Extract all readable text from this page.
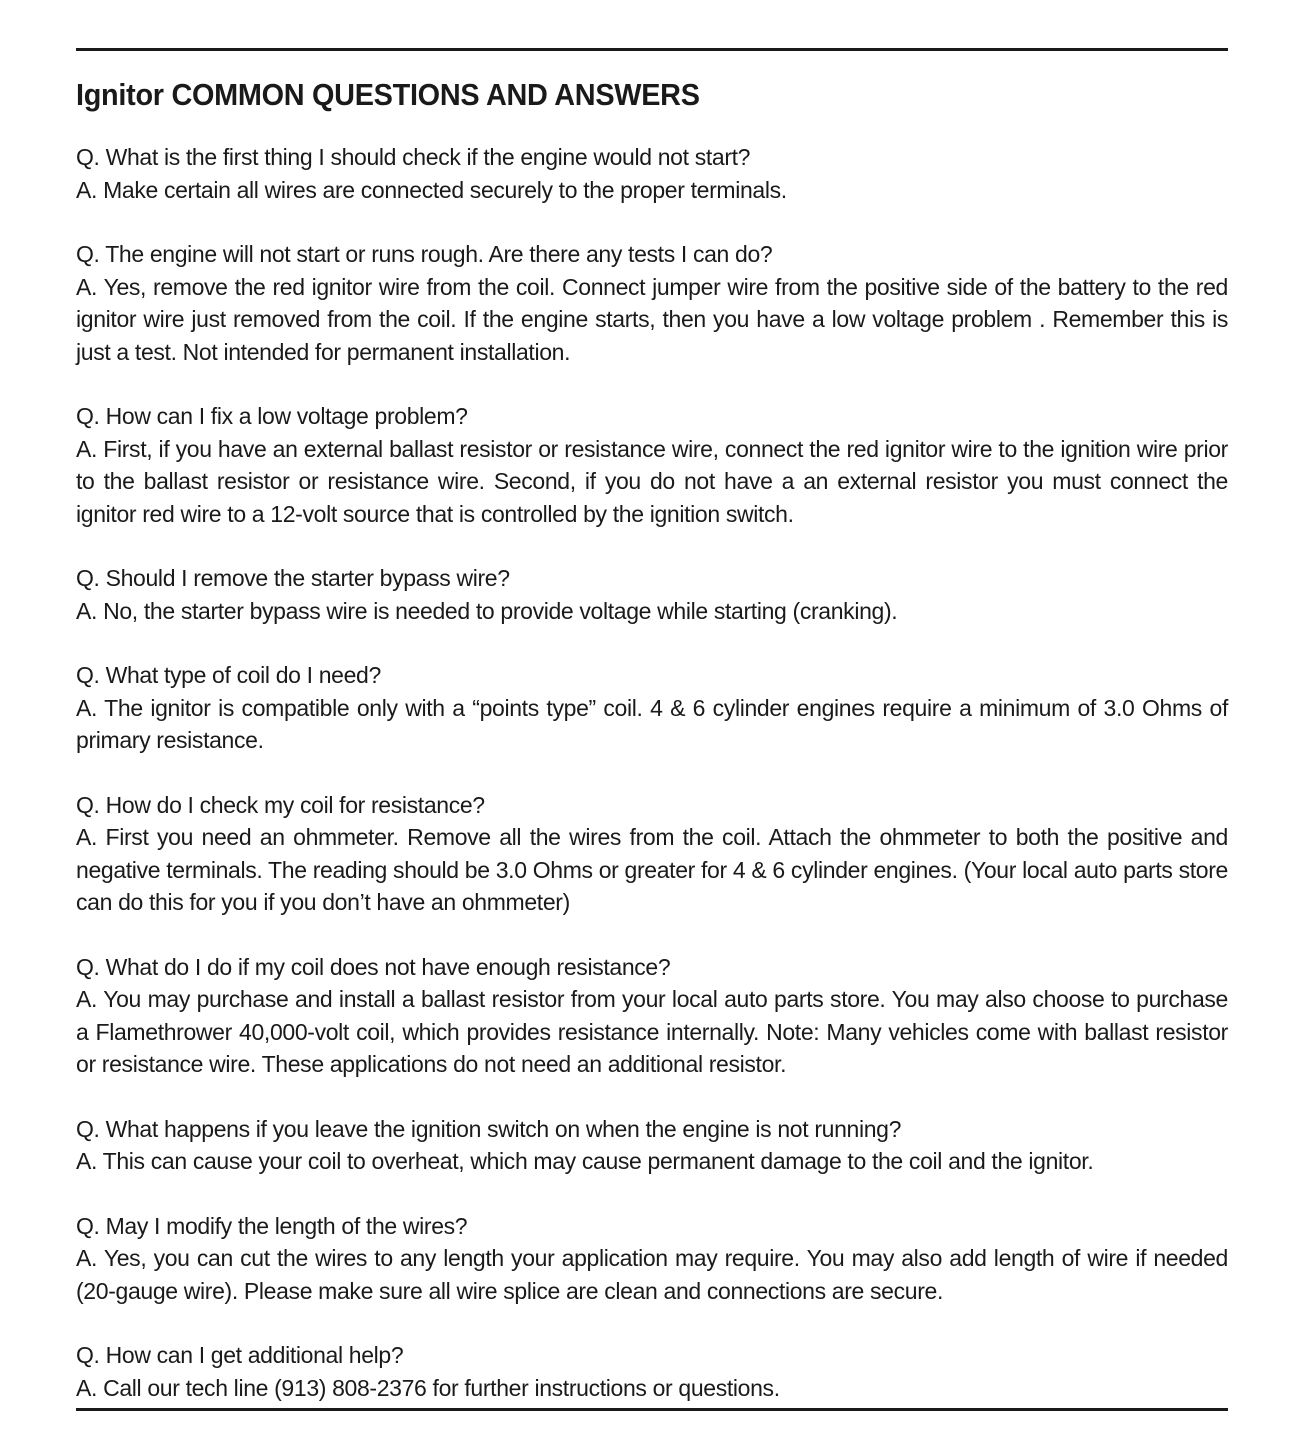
Ignitor COMMON QUESTIONS AND ANSWERS

Q. What is the first thing I should check if the engine would not start?

A. Make certain all wires are connected securely to the proper terminals.

Q. The engine will not start or runs rough. Are there any tests I can do?

A. Yes, remove the red ignitor wire from the coil. Connect jumper wire from the positive side of the battery to the red ignitor wire just removed from the coil. If the engine starts, then you have a low voltage problem . Remember this is just a test. Not intended for permanent installation.

Q. How can I fix a low voltage problem?

A. First, if you have an external ballast resistor or resistance wire, connect the red ignitor wire to the ignition wire prior to the ballast resistor or resistance wire. Second, if you do not have a an external resistor you must connect the ignitor red wire to a 12-volt source that is controlled by the ignition switch.

Q. Should I remove the starter bypass wire?

A. No, the starter bypass wire is needed to provide voltage while starting (cranking).

Q. What type of coil do I need?

A. The ignitor is compatible only with a “points type” coil. 4 & 6 cylinder engines require a minimum of 3.0 Ohms of primary resistance.

Q. How do I check my coil for resistance?

A. First you need an ohmmeter. Remove all the wires from the coil. Attach the ohmmeter to both the positive and negative terminals. The reading should be 3.0 Ohms or greater for 4 & 6 cylinder engines. (Your local auto parts store can do this for you if you don’t have an ohmmeter)

Q. What do I do if my coil does not have enough resistance?

A. You may purchase and install a ballast resistor from your local auto parts store. You may also choose to purchase a Flamethrower 40,000-volt coil, which provides resistance internally. Note: Many vehicles come with ballast resistor or resistance wire. These applications do not need an additional resistor.

Q. What happens if you leave the ignition switch on when the engine is not running?

A. This can cause your coil to overheat, which may cause permanent damage to the coil and the ignitor.

Q. May I modify the length of the wires?

A. Yes, you can cut the wires to any length your application may require. You may also add length of wire if needed (20-gauge wire). Please make sure all wire splice are clean and connections are secure.

Q. How can I get additional help?

A. Call our tech line (913) 808-2376 for further instructions or questions.
